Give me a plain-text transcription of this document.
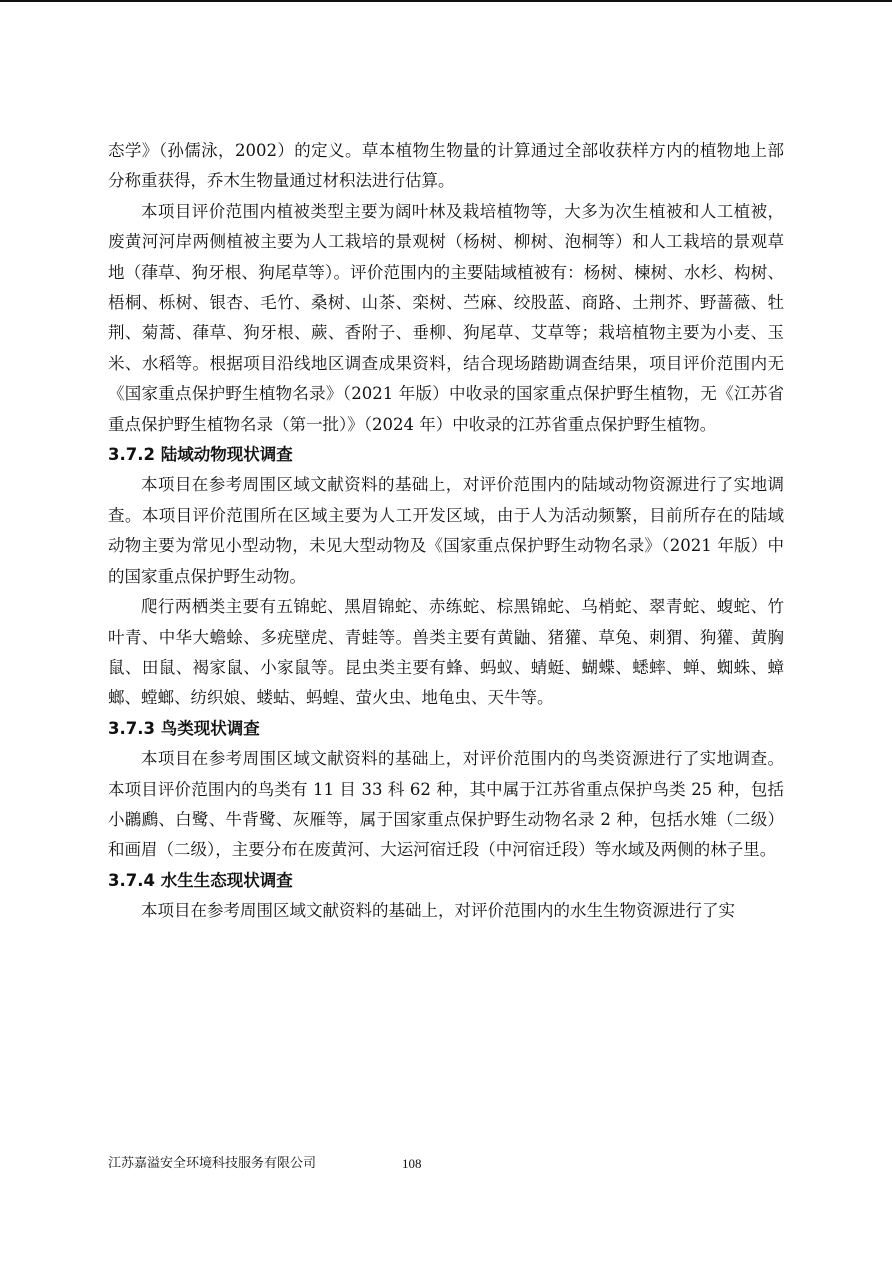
态学》（孙儒泳，2002）的定义。草本植物生物量的计算通过全部收获样方内的植物地上部分称重获得，乔木生物量通过材积法进行估算。

本项目评价范围内植被类型主要为阔叶林及栽培植物等，大多为次生植被和人工植被，废黄河河岸两侧植被主要为人工栽培的景观树（杨树、柳树、泡桐等）和人工栽培的景观草地（葎草、狗牙根、狗尾草等）。评价范围内的主要陆域植被有：杨树、楝树、水杉、构树、梧桐、栎树、银杏、毛竹、桑树、山茶、栾树、苎麻、绞股蓝、商路、土荆芥、野蔷薇、牡荆、菊蒿、葎草、狗牙根、蕨、香附子、垂柳、狗尾草、艾草等；栽培植物主要为小麦、玉米、水稻等。根据项目沿线地区调查成果资料，结合现场踏勘调查结果，项目评价范围内无《国家重点保护野生植物名录》（2021 年版）中收录的国家重点保护野生植物，无《江苏省重点保护野生植物名录（第一批）》（2024 年）中收录的江苏省重点保护野生植物。

3.7.2 陆域动物现状调查

本项目在参考周围区域文献资料的基础上，对评价范围内的陆域动物资源进行了实地调查。本项目评价范围所在区域主要为人工开发区域，由于人为活动频繁，目前所存在的陆域动物主要为常见小型动物，未见大型动物及《国家重点保护野生动物名录》（2021 年版）中的国家重点保护野生动物。

爬行两栖类主要有五锦蛇、黑眉锦蛇、赤练蛇、棕黑锦蛇、乌梢蛇、翠青蛇、蝮蛇、竹叶青、中华大蟾蜍、多疣壁虎、青蛙等。兽类主要有黄鼬、猪獾、草兔、刺猬、狗獾、黄胸鼠、田鼠、褐家鼠、小家鼠等。昆虫类主要有蜂、蚂蚁、蜻蜓、蝴蝶、蟋蟀、蝉、蜘蛛、蟑螂、螳螂、纺织娘、蝼蛄、蚂蝗、萤火虫、地龟虫、天牛等。

3.7.3 鸟类现状调查

本项目在参考周围区域文献资料的基础上，对评价范围内的鸟类资源进行了实地调查。本项目评价范围内的鸟类有 11 目 33 科 62 种，其中属于江苏省重点保护鸟类 25 种，包括小鸊鷉、白鹭、牛背鹭、灰雁等，属于国家重点保护野生动物名录 2 种，包括水雉（二级）和画眉（二级），主要分布在废黄河、大运河宿迁段（中河宿迁段）等水域及两侧的林子里。

3.7.4 水生生态现状调查

本项目在参考周围区域文献资料的基础上，对评价范围内的水生生物资源进行了实

江苏嘉溢安全环境科技服务有限公司	108
